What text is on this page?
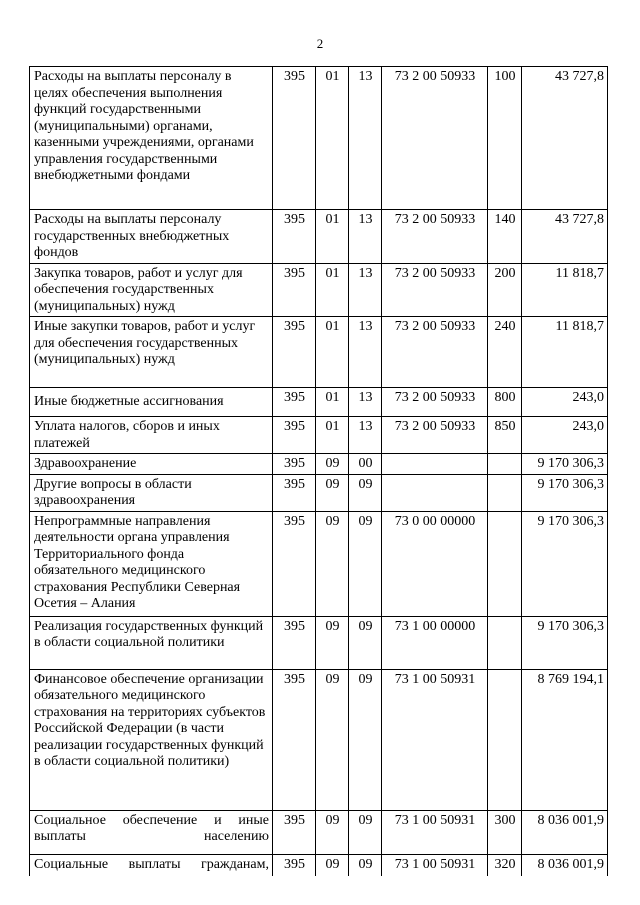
2
Расходы на выплаты персоналу в целях обеспечения выполнения функций государственными (муниципальными) органами, казенными учреждениями, органами управления государственными внебюджетными фондами	395	01	13	73 2 00 50933	100	43 727,8
Расходы на выплаты персоналу государственных внебюджетных фондов	395	01	13	73 2 00 50933	140	43 727,8
Закупка товаров, работ и услуг для обеспечения государственных (муниципальных) нужд	395	01	13	73 2 00 50933	200	11 818,7
Иные закупки товаров, работ и услуг для обеспечения государственных (муниципальных) нужд	395	01	13	73 2 00 50933	240	11 818,7
Иные бюджетные ассигнования	395	01	13	73 2 00 50933	800	243,0
Уплата налогов, сборов и иных платежей	395	01	13	73 2 00 50933	850	243,0
Здравоохранение	395	09	00			9 170 306,3
Другие вопросы в области здравоохранения	395	09	09			9 170 306,3
Непрограммные направления деятельности органа управления Территориального фонда обязательного медицинского страхования Республики Северная Осетия – Алания	395	09	09	73 0 00 00000		9 170 306,3
Реализация государственных функций в области социальной политики	395	09	09	73 1 00 00000		9 170 306,3
Финансовое обеспечение организации обязательного медицинского страхования на территориях субъектов Российской Федерации (в части реализации государственных функций в области социальной политики)	395	09	09	73 1 00 50931		8 769 194,1
Социальное обеспечение и иные выплаты населению	395	09	09	73 1 00 50931	300	8 036 001,9
Социальные выплаты гражданам,	395	09	09	73 1 00 50931	320	8 036 001,9
